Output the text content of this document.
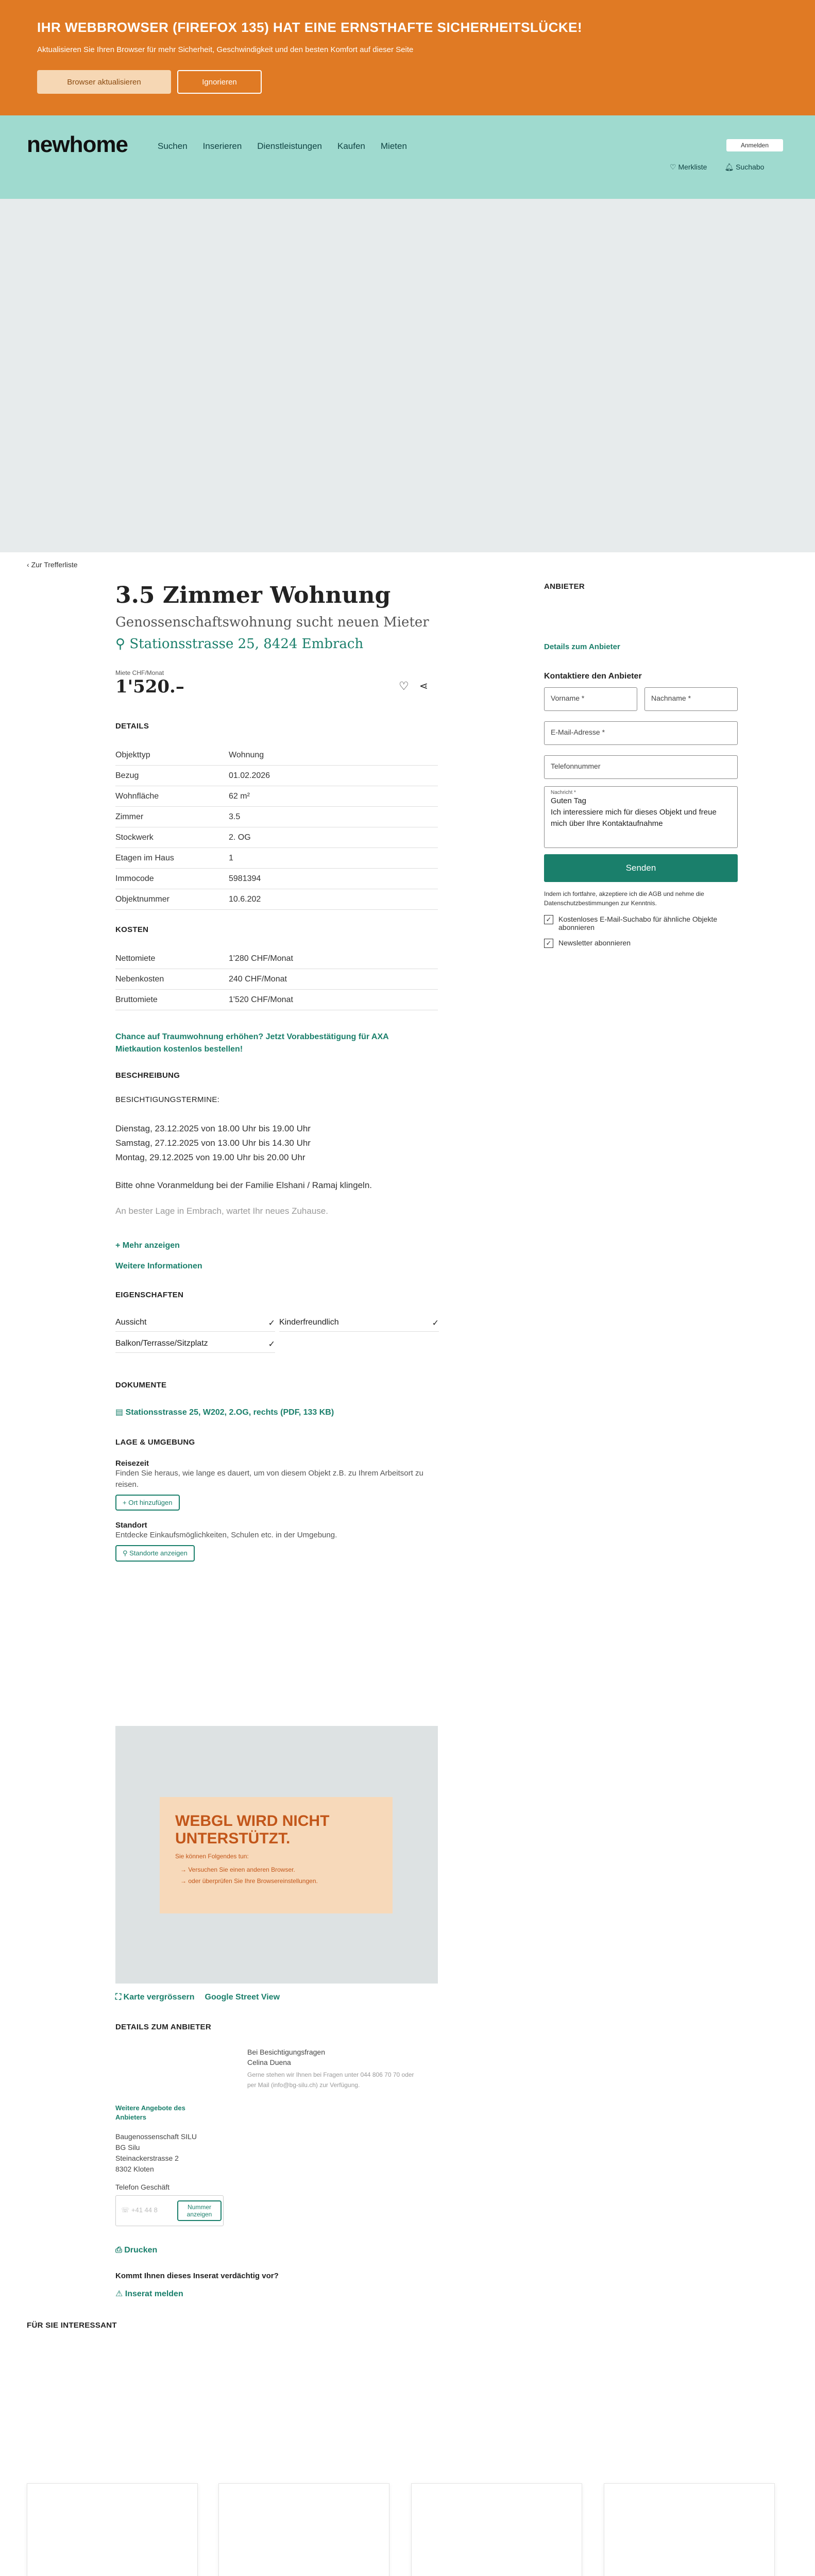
IHR WEBBROWSER (FIREFOX 135) HAT EINE ERNSTHAFTE SICHERHEITSLÜCKE!

Aktualisieren Sie Ihren Browser für mehr Sicherheit, Geschwindigkeit und den besten Komfort auf dieser Seite

Browser aktualisieren	Ignorieren
newhome	Suchen Inserieren Dienstleistungen Kaufen Mieten	Anmelden
♡ Merkliste 🔔︎ Suchabo
‹ Zur Trefferliste
3.5 Zimmer Wohnung
Genossenschaftswohnung sucht neuen Mieter
⚲ Stationsstrasse 25, 8424 Embrach
Miete CHF/Monat
1'520.–	♡ ⋖
DETAILS
Objekttyp	Wohnung
Bezug	01.02.2026
Wohnfläche	62 m²
Zimmer	3.5
Stockwerk	2. OG
Etagen im Haus	1
Immocode	5981394
Objektnummer	10.6.202
KOSTEN
Nettomiete	1'280 CHF/Monat
Nebenkosten	240 CHF/Monat
Bruttomiete	1'520 CHF/Monat
Chance auf Traumwohnung erhöhen? Jetzt Vorabbestätigung für AXA Mietkaution kostenlos bestellen!
BESCHREIBUNG
BESICHTIGUNGSTERMINE:
Dienstag, 23.12.2025 von 18.00 Uhr bis 19.00 Uhr
Samstag, 27.12.2025 von 13.00 Uhr bis 14.30 Uhr
Montag, 29.12.2025 von 19.00 Uhr bis 20.00 Uhr
Bitte ohne Voranmeldung bei der Familie Elshani / Ramaj klingeln.
An bester Lage in Embrach, wartet Ihr neues Zuhause.
+ Mehr anzeigen
Weitere Informationen
EIGENSCHAFTEN
Aussicht	✓ Kinderfreundlich	✓
Balkon/Terrasse/Sitzplatz	✓
DOKUMENTE
▤ Stationsstrasse 25, W202, 2.OG, rechts (PDF, 133 KB)
LAGE & UMGEBUNG
Reisezeit
Finden Sie heraus, wie lange es dauert, um von diesem Objekt z.B. zu Ihrem Arbeitsort zu reisen.
+ Ort hinzufügen
Standort
Entdecke Einkaufsmöglichkeiten, Schulen etc. in der Umgebung.
⚲ Standorte anzeigen
WEBGL WIRD NICHT UNTERSTÜTZT.
Sie können Folgendes tun:
→ Versuchen Sie einen anderen Browser.
→ oder überprüfen Sie Ihre Browsereinstellungen.
⛶ Karte vergrössern Google Street View
DETAILS ZUM ANBIETER
Weitere Angebote des Anbieters
Baugenossenschaft SILU
BG Silu
Steinackerstrasse 2
8302 Kloten
Bei Besichtigungsfragen
Celina Duena
Gerne stehen wir Ihnen bei Fragen unter 044 806 70 70 oder per Mail (info@bg-silu.ch) zur Verfügung.
Telefon Geschäft
☏ +41 44 8	Nummer anzeigen
⎙ Drucken
Kommt Ihnen dieses Inserat verdächtig vor?
⚠ Inserat melden
ANBIETER
Details zum Anbieter
Kontaktiere den Anbieter
Vorname *	Nachname *
E-Mail-Adresse *
Telefonnummer
Nachricht *
Guten Tag
Ich interessiere mich für dieses Objekt und freue mich über Ihre Kontaktaufnahme
Senden
Indem ich fortfahre, akzeptiere ich die AGB und nehme die Datenschutzbestimmungen zur Kenntnis.
✓ Kostenloses E-Mail-Suchabo für ähnliche Objekte abonnieren
✓ Newsletter abonnieren
FÜR SIE INTERESSANT
